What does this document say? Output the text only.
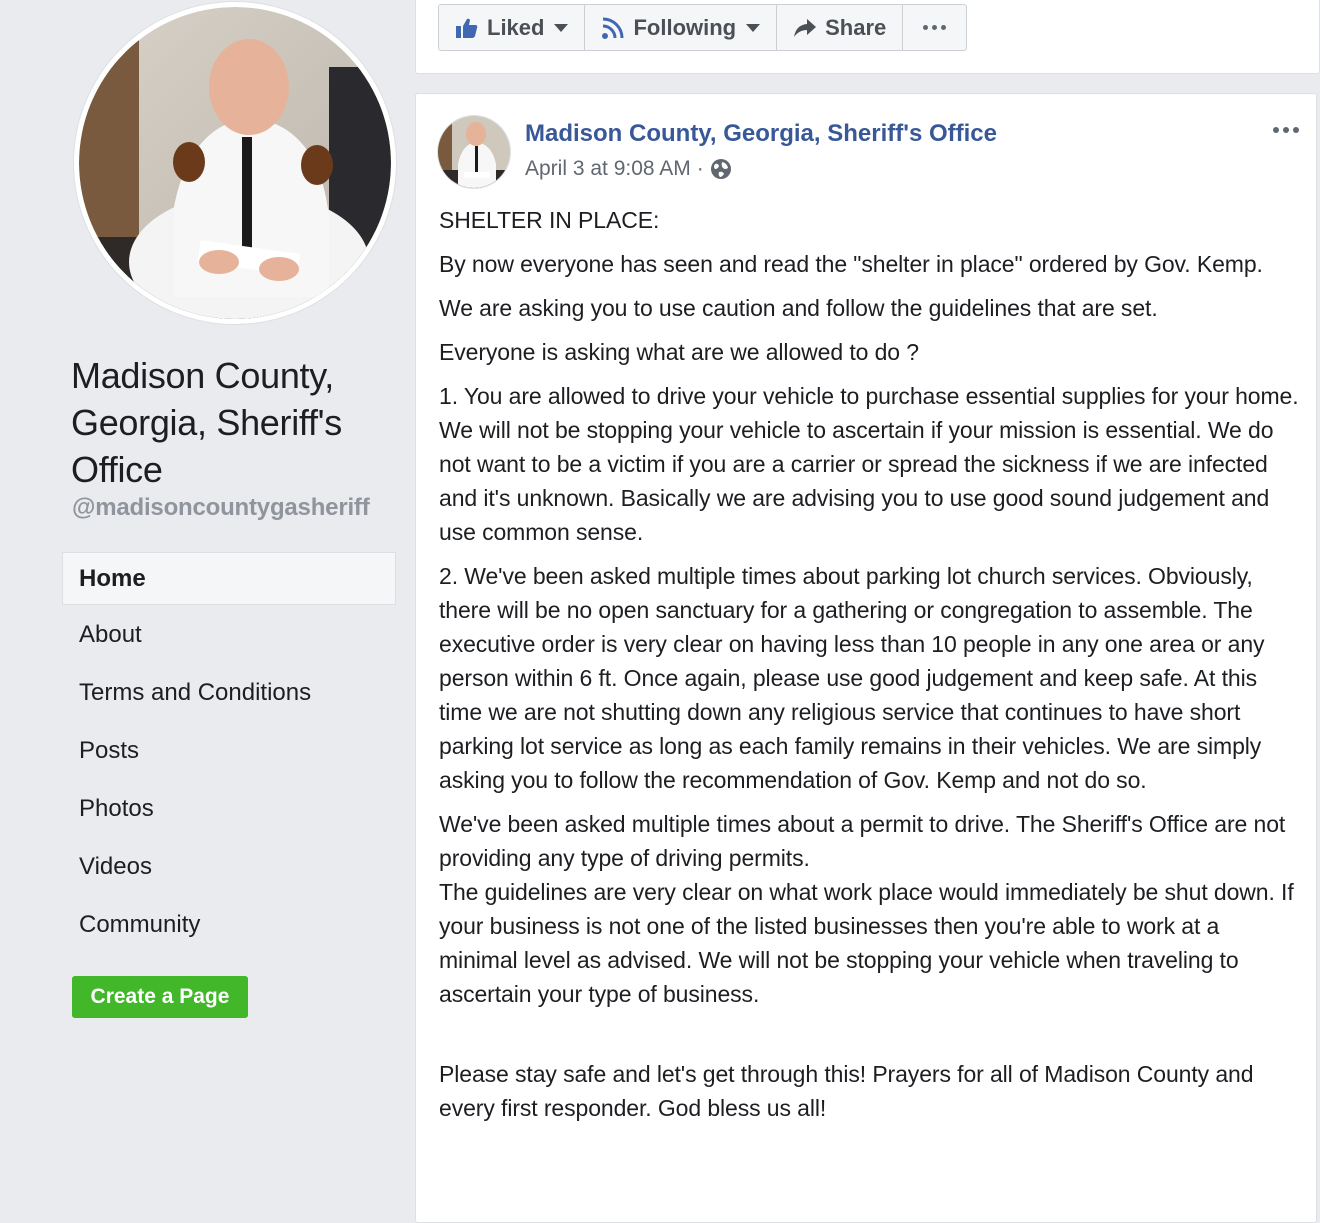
Madison County, Georgia, Sheriff's Office
@madisoncountygasheriff
Home
About
Terms and Conditions
Posts
Photos
Videos
Community
Create a Page
Liked	Following	Share
Madison County, Georgia, Sheriff's Office
April 3 at 9:08 AM ·

SHELTER IN PLACE:

By now everyone has seen and read the "shelter in place" ordered by Gov. Kemp.

We are asking you to use caution and follow the guidelines that are set.

Everyone is asking what are we allowed to do ?

1. You are allowed to drive your vehicle to purchase essential supplies for your home. We will not be stopping your vehicle to ascertain if your mission is essential. We do not want to be a victim if you are a carrier or spread the sickness if we are infected and it's unknown. Basically we are advising you to use good sound judgement and use common sense.

2. We've been asked multiple times about parking lot church services. Obviously, there will be no open sanctuary for a gathering or congregation to assemble. The executive order is very clear on having less than 10 people in any one area or any person within 6 ft. Once again, please use good judgement and keep safe. At this time we are not shutting down any religious service that continues to have short parking lot service as long as each family remains in their vehicles. We are simply asking you to follow the recommendation of Gov. Kemp and not do so.

We've been asked multiple times about a permit to drive. The Sheriff's Office are not providing any type of driving permits.

The guidelines are very clear on what work place would immediately be shut down. If your business is not one of the listed businesses then you're able to work at a minimal level as advised. We will not be stopping your vehicle when traveling to ascertain your type of business.

Please stay safe and let's get through this! Prayers for all of Madison County and every first responder. God bless us all!
